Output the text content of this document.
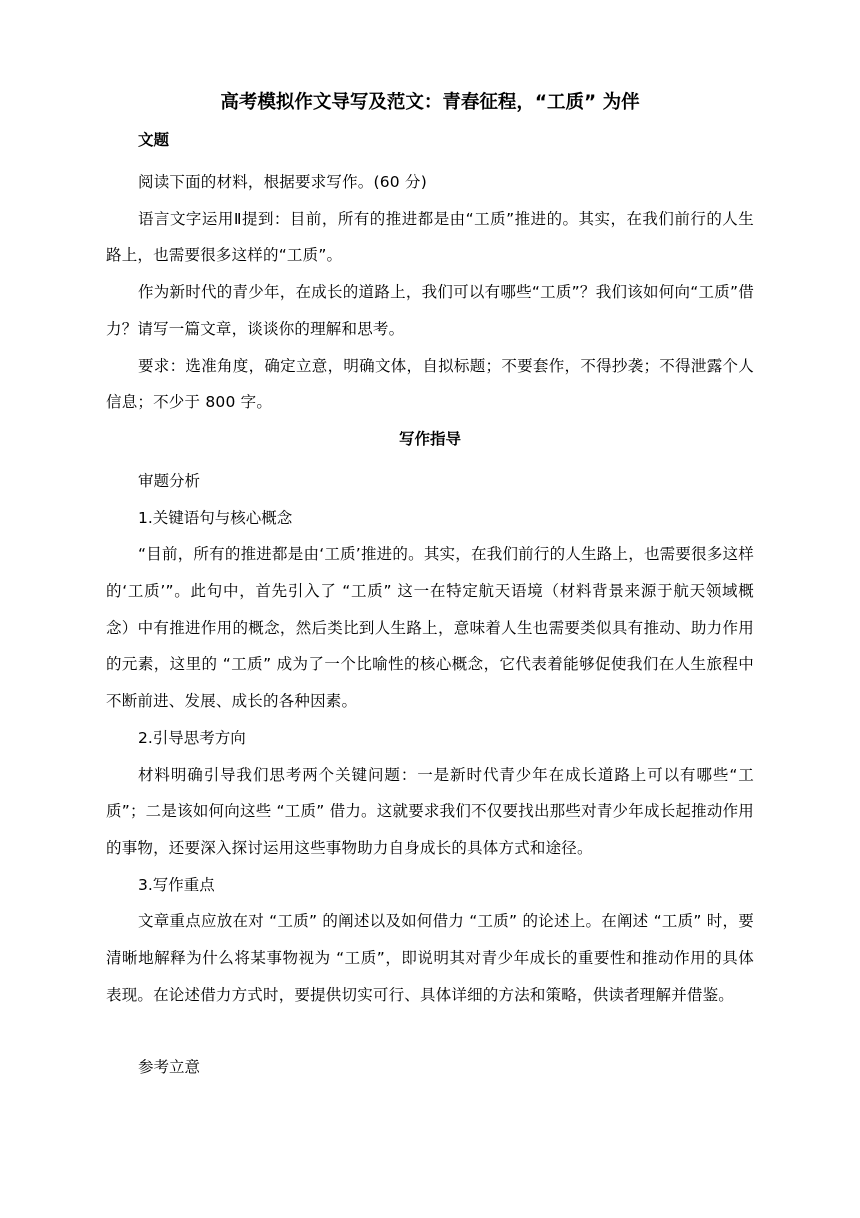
高考模拟作文导写及范文：青春征程，“工质” 为伴
文题

阅读下面的材料，根据要求写作。(60 分)

语言文字运用Ⅱ提到：目前，所有的推进都是由“工质”推进的。其实，在我们前行的人生路上，也需要很多这样的“工质”。

作为新时代的青少年，在成长的道路上，我们可以有哪些“工质”？我们该如何向“工质”借力？请写一篇文章，谈谈你的理解和思考。

要求：选准角度，确定立意，明确文体，自拟标题；不要套作，不得抄袭；不得泄露个人信息；不少于 800 字。

写作指导

审题分析

1.关键语句与核心概念

“目前，所有的推进都是由‘工质’推进的。其实，在我们前行的人生路上，也需要很多这样的‘工质’”。此句中，首先引入了 “工质” 这一在特定航天语境（材料背景来源于航天领域概念）中有推进作用的概念，然后类比到人生路上，意味着人生也需要类似具有推动、助力作用的元素，这里的 “工质” 成为了一个比喻性的核心概念，它代表着能够促使我们在人生旅程中不断前进、发展、成长的各种因素。

2.引导思考方向

材料明确引导我们思考两个关键问题：一是新时代青少年在成长道路上可以有哪些“工质”；二是该如何向这些 “工质” 借力。这就要求我们不仅要找出那些对青少年成长起推动作用的事物，还要深入探讨运用这些事物助力自身成长的具体方式和途径。

3.写作重点

文章重点应放在对 “工质” 的阐述以及如何借力 “工质” 的论述上。在阐述 “工质” 时，要清晰地解释为什么将某事物视为 “工质”，即说明其对青少年成长的重要性和推动作用的具体表现。在论述借力方式时，要提供切实可行、具体详细的方法和策略，供读者理解并借鉴。

参考立意
